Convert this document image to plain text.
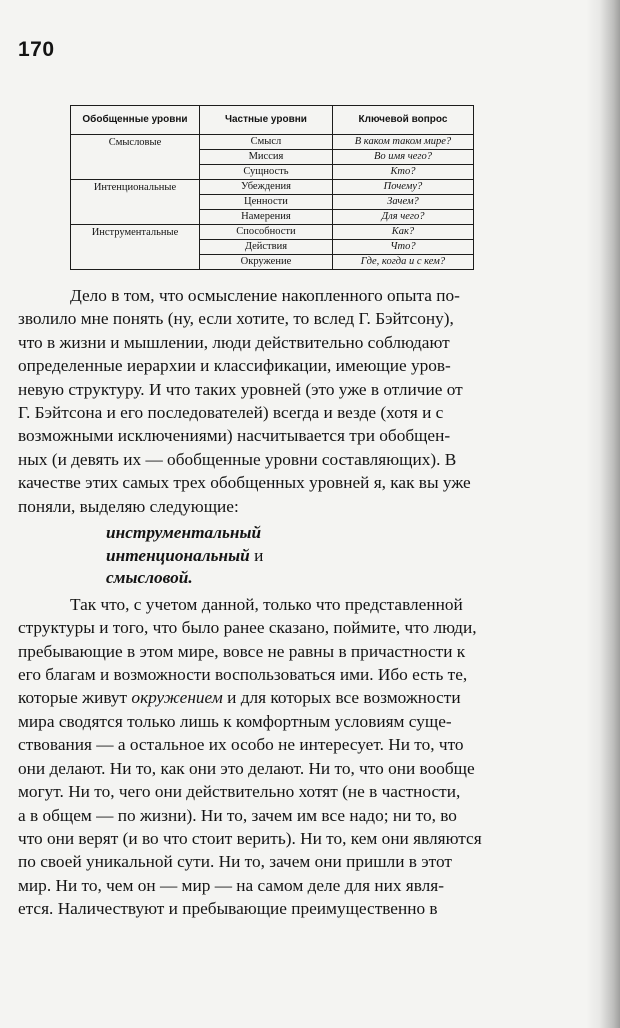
170
Обобщенные уровни	Частные уровни	Ключевой вопрос
Смысловые	Смысл	В каком таком мире?
	Миссия	Во имя чего?
	Сущность	Кто?
Интенциональные	Убеждения	Почему?
	Ценности	Зачем?
	Намерения	Для чего?
Инструментальные	Способности	Как?
	Действия	Что?
	Окружение	Где, когда и с кем?

Дело в том, что осмысление накопленного опыта по-

зволило мне понять (ну, если хотите, то вслед Г. Бэйтсону),

что в жизни и мышлении, люди действительно соблюдают

определенные иерархии и классификации, имеющие уров-

невую структуру. И что таких уровней (это уже в отличие от

Г. Бэйтсона и его последователей) всегда и везде (хотя и с

возможными исключениями) насчитывается три обобщен-

ных (и девять их — обобщенные уровни составляющих). В

качестве этих самых трех обобщенных уровней я, как вы уже

поняли, выделяю следующие:

инструментальный
интенциональный и
смысловой.

Так что, с учетом данной, только что представленной

структуры и того, что было ранее сказано, поймите, что люди,

пребывающие в этом мире, вовсе не равны в причастности к

его благам и возможности воспользоваться ими. Ибо есть те,

которые живут окружением и для которых все возможности

мира сводятся только лишь к комфортным условиям суще-

ствования — а остальное их особо не интересует. Ни то, что

они делают. Ни то, как они это делают. Ни то, что они вообще

могут. Ни то, чего они действительно хотят (не в частности,

а в общем — по жизни). Ни то, зачем им все надо; ни то, во

что они верят (и во что стоит верить). Ни то, кем они являются

по своей уникальной сути. Ни то, зачем они пришли в этот

мир. Ни то, чем он — мир — на самом деле для них явля-

ется. Наличествуют и пребывающие преимущественно в
